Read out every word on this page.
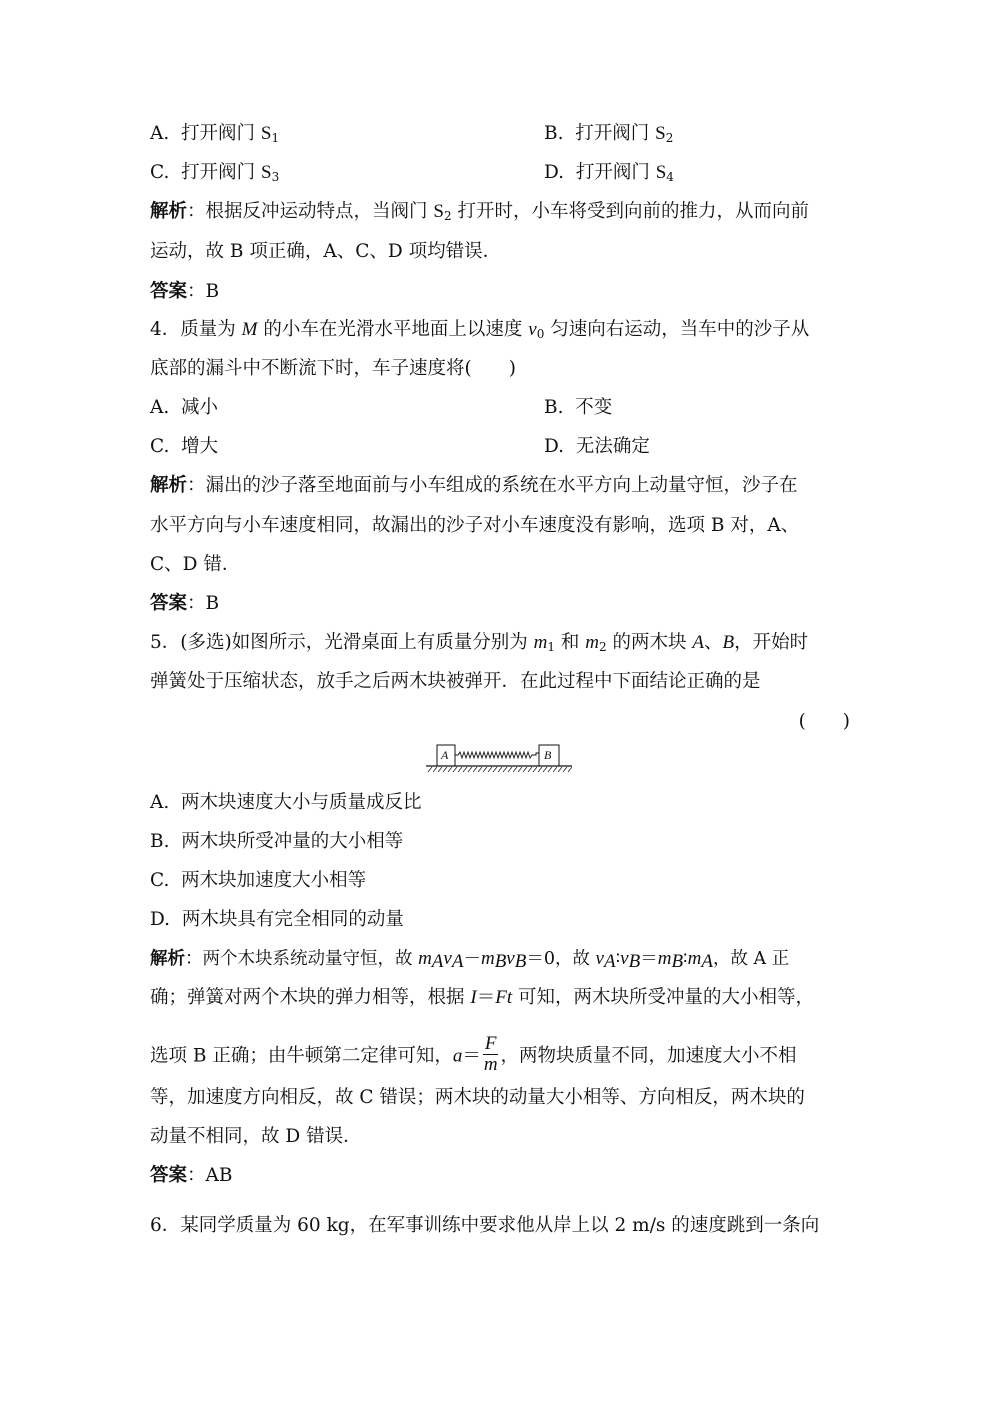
A. 打开阀门 $S_1$	B. 打开阀门 $S_2$
C. 打开阀门 $S_3$	D. 打开阀门 $S_4$
解析：根据反冲运动特点，当阀门 $S_2$ 打开时，小车将受到向前的推力，从而向前
运动，故 B 项正确，A、C、D 项均错误．
答案：B
4．质量为 M 的小车在光滑水平地面上以速度 $v_0$ 匀速向右运动，当车中的沙子从
底部的漏斗中不断流下时，车子速度将(　　)
A. 减小	B. 不变
C. 增大	D. 无法确定
解析：漏出的沙子落至地面前与小车组成的系统在水平方向上动量守恒，沙子在
水平方向与小车速度相同，故漏出的沙子对小车速度没有影响，选项 B 对，A、
C、D 错．
答案：B
5．(多选)如图所示，光滑桌面上有质量分别为 $m_1$ 和 $m_2$ 的两木块 A、B，开始时
弹簧处于压缩状态，放手之后两木块被弹开．在此过程中下面结论正确的是
(　　)
A	B
A. 两木块速度大小与质量成反比
B. 两木块所受冲量的大小相等
C. 两木块加速度大小相等
D. 两木块具有完全相同的动量
解析：两个木块系统动量守恒，故 $m_Av_A-m_Bv_B=0$，故 $v_A∶v_B=m_B∶m_A$，故 A 正
确；弹簧对两个木块的弹力相等，根据 I＝Ft 可知，两木块所受冲量的大小相等，
选项 B 正确；由牛顿第二定律可知，$a= \frac{F}{m}$ ，两物块质量不同，加速度大小不相
等，加速度方向相反，故 C 错误；两木块的动量大小相等、方向相反，两木块的
动量不相同，故 D 错误．
答案：AB
6．某同学质量为 60 kg，在军事训练中要求他从岸上以 2 m/s 的速度跳到一条向
